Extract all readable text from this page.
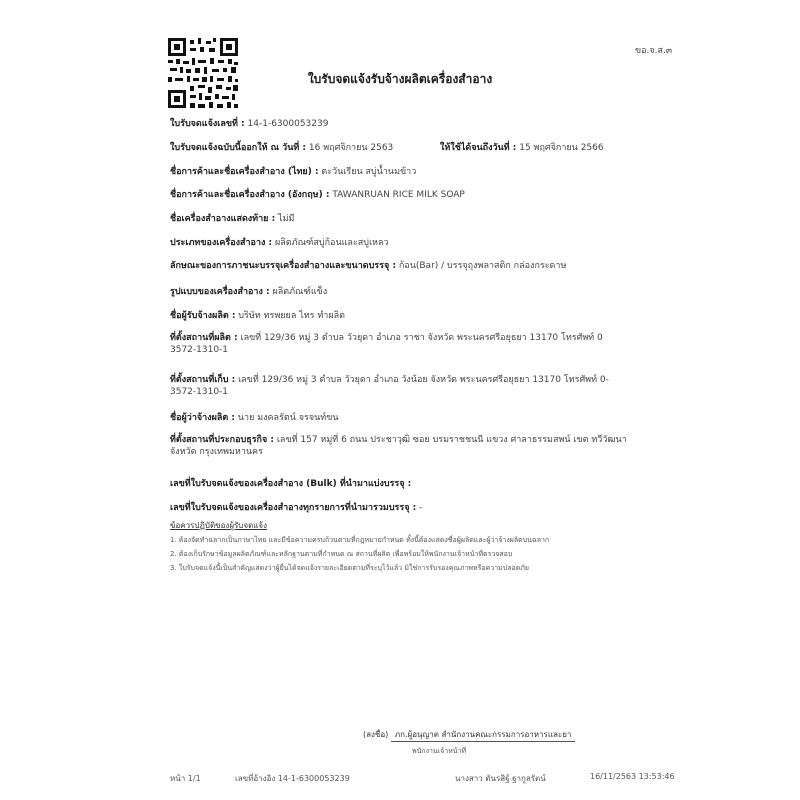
ขอ.จ.ส.๓
ใบรับจดแจ้งรับจ้างผลิตเครื่องสำอาง
ใบรับจดแจ้งเลขที่ : 14-1-6300053239
ใบรับจดแจ้งฉบับนี้ออกให้ ณ วันที่ : 16 พฤศจิกายน 2563	ให้ใช้ได้จนถึงวันที่ : 15 พฤศจิกายน 2566
ชื่อการค้าและชื่อเครื่องสำอาง (ไทย) : ตะวันเรียน สบู่น้ำนมข้าว
ชื่อการค้าและชื่อเครื่องสำอาง (อังกฤษ) : TAWANRUAN RICE MILK SOAP
ชื่อเครื่องสำอางแสดงท้าย : ไม่มี
ประเภทของเครื่องสำอาง : ผลิตภัณฑ์สบู่ก้อนและสบู่เหลว
ลักษณะของการภาชนะบรรจุเครื่องสำอางและขนาดบรรจุ : ก้อน(Bar) / บรรจุถุงพลาสติก กล่องกระดาษ
รูปแบบของเครื่องสำอาง : ผลิตภัณฑ์แข็ง
ชื่อผู้รับจ้างผลิต : บริษัท ทรพยยล ไทร ทำผลิต
ที่ตั้งสถานที่ผลิต : เลขที่ 129/36 หมู่ 3 ตำบล วัวยุดา อำเภอ ราชา จังหวัด พระนครศรีอยุธยา 13170 โทรศัพท์ 0 3572-1310-1
ที่ตั้งสถานที่เก็บ : เลขที่ 129/36 หมู่ 3 ตำบล วัวยุดา อำเภอ วังน้อย จังหวัด พระนครศรีอยุธยา 13170 โทรศัพท์ 0-3572-1310-1
ชื่อผู้ว่าจ้างผลิต : นาย มงคลรัตน์ จรจนท์ขน
ที่ตั้งสถานที่ประกอบธุรกิจ : เลขที่ 157 หมู่ที่ 6 ถนน ประชาวุฒิ ซอย บรมราชชนนี แขวง ศาลาธรรมสพน์ เขต ทวีวัฒนา จังหวัด กรุงเทพมหานคร
เลขที่ใบรับจดแจ้งของเครื่องสำอาง (Bulk) ที่นำมาแบ่งบรรจุ :
เลขที่ใบรับจดแจ้งของเครื่องสำอางทุกรายการที่นำมารวมบรรจุ : -
ข้อควรปฏิบัติของผู้รับจดแจ้ง
1. ต้องจัดทำฉลากเป็นภาษาไทย และมีข้อความครบถ้วนตามที่กฎหมายกำหนด ทั้งนี้ต้องแสดงชื่อผู้ผลิตและผู้ว่าจ้างผลิตบนฉลาก
2. ต้องเก็บรักษาข้อมูลผลิตภัณฑ์และหลักฐานตามที่กำหนด ณ สถานที่ผลิต เพื่อพร้อมให้พนักงานเจ้าหน้าที่ตรวจสอบ
3. ใบรับจดแจ้งนี้เป็นสำคัญแสดงว่าผู้ยื่นได้จดแจ้งรายละเอียดตามที่ระบุไว้แล้ว มิใช่การรับรองคุณภาพหรือความปลอดภัย
(ลงชื่อ) ภก.ผู้อนุญาต สำนักงานคณะกรรมการอาหารและยา
พนักงานเจ้าหน้าที่
หน้า 1/1	เลขที่อ้างอิง 14-1-6300053239	นางสาว ตันรสิฐ์ ฐากูลรัตน์	16/11/2563 13:53:46
